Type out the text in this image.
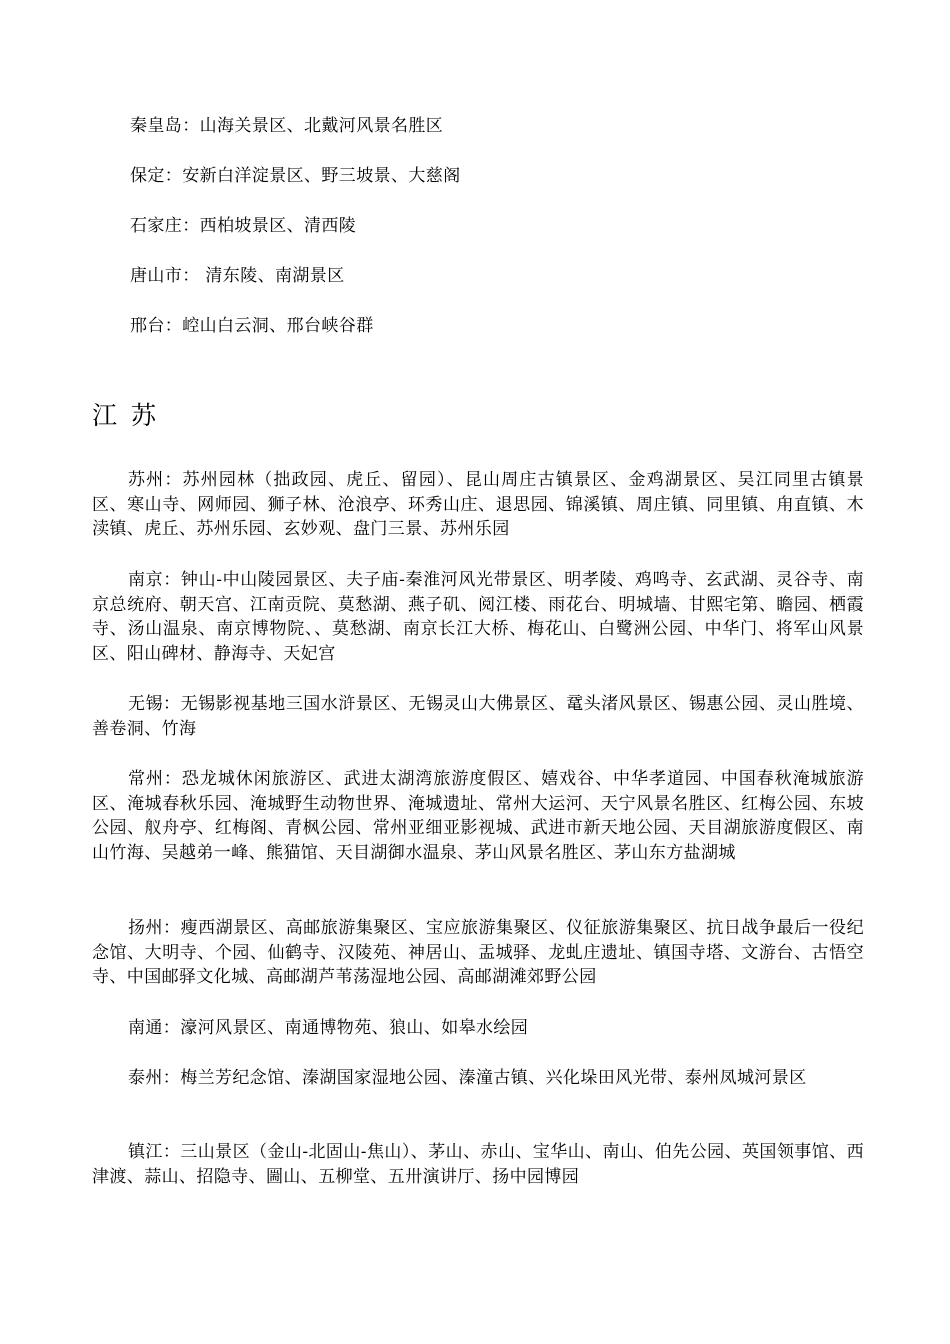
秦皇岛：山海关景区、北戴河风景名胜区
保定：安新白洋淀景区、野三坡景、大慈阁
石家庄：西柏坡景区、清西陵
唐山市： 清东陵、南湖景区
邢台：崆山白云洞、邢台峡谷群
江苏
苏州：苏州园林（拙政园、虎丘、留园）、昆山周庄古镇景区、金鸡湖景区、吴江同里古镇景区、寒山寺、网师园、狮子林、沧浪亭、环秀山庄、退思园、锦溪镇、周庄镇、同里镇、甪直镇、木渎镇、虎丘、苏州乐园、玄妙观、盘门三景、苏州乐园
南京：钟山-中山陵园景区、夫子庙-秦淮河风光带景区、明孝陵、鸡鸣寺、玄武湖、灵谷寺、南京总统府、朝天宫、江南贡院、莫愁湖、燕子矶、阅江楼、雨花台、明城墙、甘熙宅第、瞻园、栖霞寺、汤山温泉、南京博物院、、莫愁湖、南京长江大桥、梅花山、白鹭洲公园、中华门、将军山风景区、阳山碑材、静海寺、天妃宫
无锡：无锡影视基地三国水浒景区、无锡灵山大佛景区、鼋头渚风景区、锡惠公园、灵山胜境、善卷洞、竹海
常州：恐龙城休闲旅游区、武进太湖湾旅游度假区、嬉戏谷、中华孝道园、中国春秋淹城旅游区、淹城春秋乐园、淹城野生动物世界、淹城遗址、常州大运河、天宁风景名胜区、红梅公园、东坡公园、舣舟亭、红梅阁、青枫公园、常州亚细亚影视城、武进市新天地公园、天目湖旅游度假区、南山竹海、吴越弟一峰、熊猫馆、天目湖御水温泉、茅山风景名胜区、茅山东方盐湖城
扬州：瘦西湖景区、高邮旅游集聚区、宝应旅游集聚区、仪征旅游集聚区、抗日战争最后一役纪念馆、大明寺、个园、仙鹤寺、汉陵苑、神居山、盂城驿、龙虬庄遗址、镇国寺塔、文游台、古悟空寺、中国邮驿文化城、高邮湖芦苇荡湿地公园、高邮湖滩郊野公园
南通：濠河风景区、南通博物苑、狼山、如皋水绘园
泰州：梅兰芳纪念馆、溱湖国家湿地公园、溱潼古镇、兴化垛田风光带、泰州凤城河景区
镇江：三山景区（金山-北固山-焦山）、茅山、赤山、宝华山、南山、伯先公园、英国领事馆、西津渡、蒜山、招隐寺、圌山、五柳堂、五卅演讲厅、扬中园博园
